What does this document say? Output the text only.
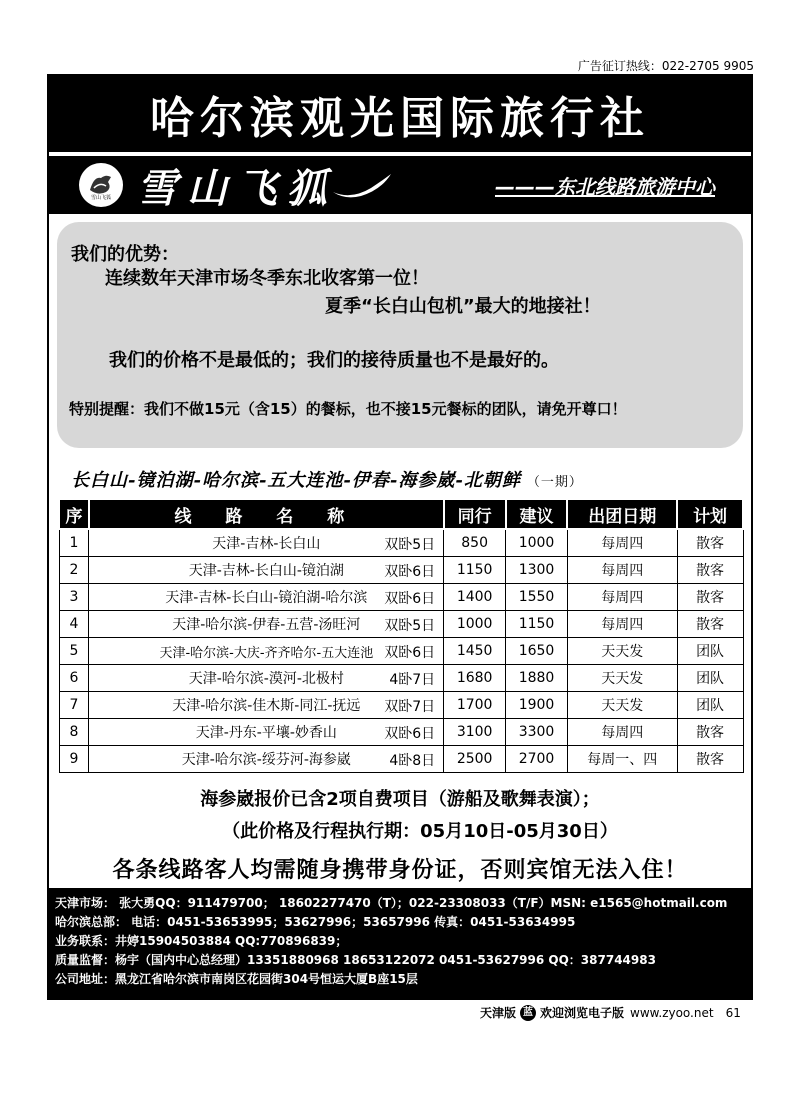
广告征订热线：022-2705 9905
哈尔滨观光国际旅行社
雪山飞狐 雪山飞狐	———东北线路旅游中心
我们的优势：
连续数年天津市场冬季东北收客第一位！
夏季“长白山包机”最大的地接社！
我们的价格不是最低的；我们的接待质量也不是最好的。
特别提醒：我们不做15元（含15）的餐标，也不接15元餐标的团队，请免开尊口！
长白山-镜泊湖-哈尔滨-五大连池-伊春-海参崴-北朝鲜 （一期）
序	线 路 名 称	同行	建议	出团日期	计划
1	天津-吉林-长白山 双卧5日	850	1000	每周四	散客
2	天津-吉林-长白山-镜泊湖 双卧6日	1150	1300	每周四	散客
3	天津-吉林-长白山-镜泊湖-哈尔滨 双卧6日	1400	1550	每周四	散客
4	天津-哈尔滨-伊春-五营-汤旺河 双卧5日	1000	1150	每周四	散客
5	天津-哈尔滨-大庆-齐齐哈尔-五大连池 双卧6日	1450	1650	天天发	团队
6	天津-哈尔滨-漠河-北极村 4卧7日	1680	1880	天天发	团队
7	天津-哈尔滨-佳木斯-同江-抚远 双卧7日	1700	1900	天天发	团队
8	天津-丹东-平壤-妙香山 双卧6日	3100	3300	每周四	散客
9	天津-哈尔滨-绥芬河-海参崴 4卧8日	2500	2700	每周一、四	散客
海参崴报价已含2项自费项目（游船及歌舞表演）；
（此价格及行程执行期：05月10日-05月30日）
各条线路客人均需随身携带身份证，否则宾馆无法入住！
天津市场： 张大勇QQ：911479700； 18602277470（T）；022-23308033（T/F）MSN: e1565@hotmail.com
哈尔滨总部： 电话：0451-53653995；53627996；53657996 传真：0451-53634995
业务联系：井婷15904503884 QQ:770896839；
质量监督：杨宇（国内中心总经理）13351880968 18653122072 0451-53627996 QQ：387744983
公司地址：黑龙江省哈尔滨市南岗区花园街304号恒运大厦B座15层
天津版 蓝 欢迎浏览电子版 www.zyoo.net 61
